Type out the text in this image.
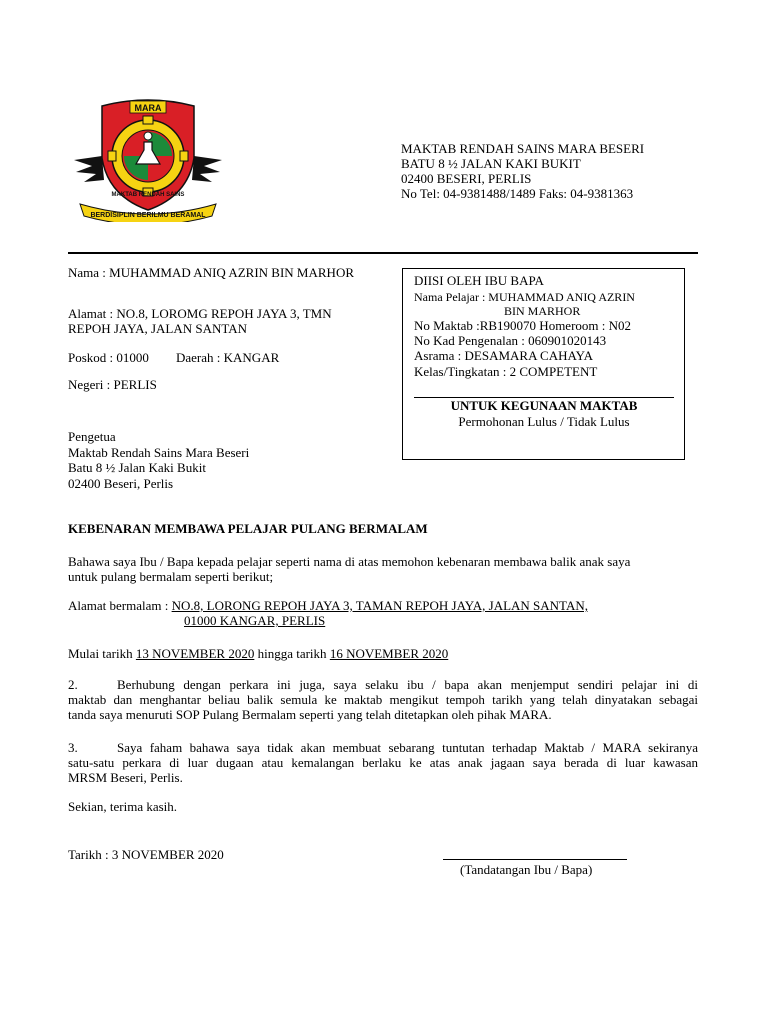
MARA
MAKTAB RENDAH SAINS
BERDISIPLIN BERILMU BERAMAL
MAKTAB RENDAH SAINS MARA BESERI
BATU 8 ½ JALAN KAKI BUKIT
02400 BESERI, PERLIS
No Tel: 04-9381488/1489 Faks: 04-9381363
Nama : MUHAMMAD ANIQ AZRIN BIN MARHOR
Alamat : NO.8, LOROMG REPOH JAYA 3, TMN
REPOH JAYA, JALAN SANTAN
Poskod : 01000 Daerah : KANGAR
Negeri : PERLIS
DIISI OLEH IBU BAPA
Nama Pelajar : MUHAMMAD ANIQ AZRIN
BIN MARHOR
No Maktab :RB190070 Homeroom : N02
No Kad Pengenalan : 060901020143
Asrama : DESAMARA CAHAYA
Kelas/Tingkatan : 2 COMPETENT
UNTUK KEGUNAAN MAKTAB
Permohonan Lulus / Tidak Lulus
Pengetua
Maktab Rendah Sains Mara Beseri
Batu 8 ½ Jalan Kaki Bukit
02400 Beseri, Perlis
KEBENARAN MEMBAWA PELAJAR PULANG BERMALAM
Bahawa saya Ibu / Bapa kepada pelajar seperti nama di atas memohon kebenaran membawa balik anak saya
untuk pulang bermalam seperti berikut;
Alamat bermalam : NO.8, LORONG REPOH JAYA 3, TAMAN REPOH JAYA, JALAN SANTAN,
01000 KANGAR, PERLIS
Mulai tarikh 13 NOVEMBER 2020 hingga tarikh 16 NOVEMBER 2020
2.	Berhubung dengan perkara ini juga, saya selaku ibu / bapa akan menjemput sendiri pelajar ini di
maktab dan menghantar beliau balik semula ke maktab mengikut tempoh tarikh yang telah dinyatakan sebagai
tanda saya menuruti SOP Pulang Bermalam seperti yang telah ditetapkan oleh pihak MARA.
3.	Saya faham bahawa saya tidak akan membuat sebarang tuntutan terhadap Maktab / MARA sekiranya
satu-satu perkara di luar dugaan atau kemalangan berlaku ke atas anak jagaan saya berada di luar kawasan
MRSM Beseri, Perlis.
Sekian, terima kasih.
Tarikh : 3 NOVEMBER 2020
(Tandatangan Ibu / Bapa)
